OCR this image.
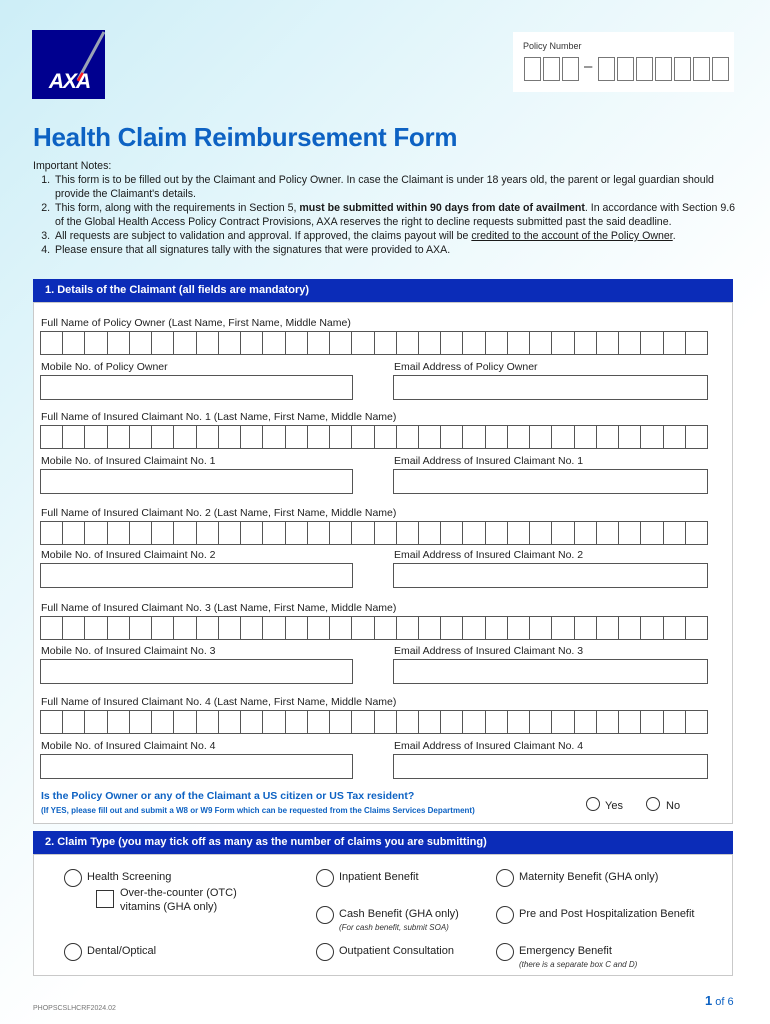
AXA
Policy Number
–
Health Claim Reimbursement Form
Important Notes:
1. This form is to be filled out by the Claimant and Policy Owner. In case the Claimant is under 18 years old, the parent or legal guardian should provide the Claimant's details.
2. This form, along with the requirements in Section 5, must be submitted within 90 days from date of availment. In accordance with Section 9.6 of the Global Health Access Policy Contract Provisions, AXA reserves the right to decline requests submitted past the said deadline.
3. All requests are subject to validation and approval. If approved, the claims payout will be credited to the account of the Policy Owner.
4. Please ensure that all signatures tally with the signatures that were provided to AXA.
1. Details of the Claimant (all fields are mandatory)
Full Name of Policy Owner (Last Name, First Name, Middle Name)
Mobile No. of Policy Owner	Email Address of Policy Owner
Full Name of Insured Claimant No. 1 (Last Name, First Name, Middle Name)
Mobile No. of Insured Claimaint No. 1	Email Address of Insured Claimant No. 1
Full Name of Insured Claimant No. 2 (Last Name, First Name, Middle Name)
Mobile No. of Insured Claimaint No. 2	Email Address of Insured Claimant No. 2
Full Name of Insured Claimant No. 3 (Last Name, First Name, Middle Name)
Mobile No. of Insured Claimaint No. 3	Email Address of Insured Claimant No. 3
Full Name of Insured Claimant No. 4 (Last Name, First Name, Middle Name)
Mobile No. of Insured Claimaint No. 4	Email Address of Insured Claimant No. 4
Is the Policy Owner or any of the Claimant a US citizen or US Tax resident?
(If YES, please fill out and submit a W8 or W9 Form which can be requested from the Claims Services Department)	Yes	No
2. Claim Type (you may tick off as many as the number of claims you are submitting)
Health Screening
Over-the-counter (OTC)
vitamins (GHA only)
Dental/Optical
Inpatient Benefit
Cash Benefit (GHA only)
(For cash benefit, submit SOA)
Outpatient Consultation
Maternity Benefit (GHA only)
Pre and Post Hospitalization Benefit
Emergency Benefit
(there is a separate box C and D)
PHOPSCSLHCRF2024.02
1 of 6
